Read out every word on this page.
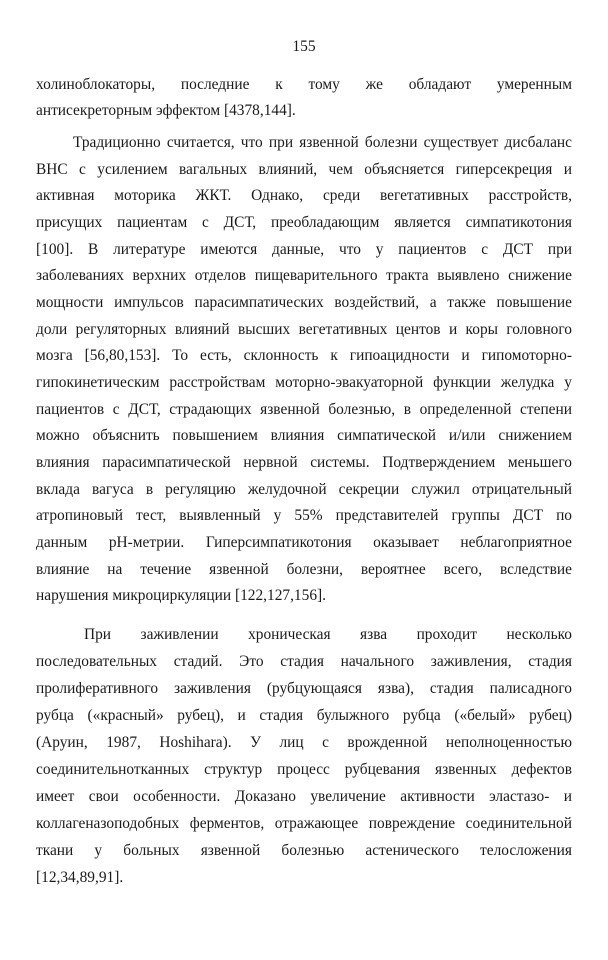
155
холиноблокаторы, последние к тому же обладают умеренным
антисекреторным эффектом [4378,144].
Традиционно считается, что при язвенной болезни существует дисбаланс
ВНС с усилением вагальных влияний, чем объясняется гиперсекреция и
активная моторика ЖКТ. Однако, среди вегетативных расстройств,
присущих пациентам с ДСТ, преобладающим является симпатикотония
[100]. В литературе имеются данные, что у пациентов с ДСТ при
заболеваниях верхних отделов пищеварительного тракта выявлено снижение
мощности импульсов парасимпатических воздействий, а также повышение
доли регуляторных влияний высших вегетативных центов и коры головного
мозга [56,80,153]. То есть, склонность к гипоацидности и гипомоторно-
гипокинетическим расстройствам моторно-эвакуаторной функции желудка у
пациентов с ДСТ, страдающих язвенной болезнью, в определенной степени
можно объяснить повышением влияния симпатической и/или снижением
влияния парасимпатической нервной системы. Подтверждением меньшего
вклада вагуса в регуляцию желудочной секреции служил отрицательный
атропиновый тест, выявленный у 55% представителей группы ДСТ по
данным pH-метрии. Гиперсимпатикотония оказывает неблагоприятное
влияние на течение язвенной болезни, вероятнее всего, вследствие
нарушения микроциркуляции [122,127,156].
При заживлении хроническая язва проходит несколько
последовательных стадий. Это стадия начального заживления, стадия
пролиферативного заживления (рубцующаяся язва), стадия палисадного
рубца («красный» рубец), и стадия булыжного рубца («белый» рубец)
(Аруин, 1987, Hoshihara). У лиц с врожденной неполноценностью
соединительнотканных структур процесс рубцевания язвенных дефектов
имеет свои особенности. Доказано увеличение активности эластазо- и
коллагеназоподобных ферментов, отражающее повреждение соединительной
ткани у больных язвенной болезнью астенического телосложения
[12,34,89,91].
